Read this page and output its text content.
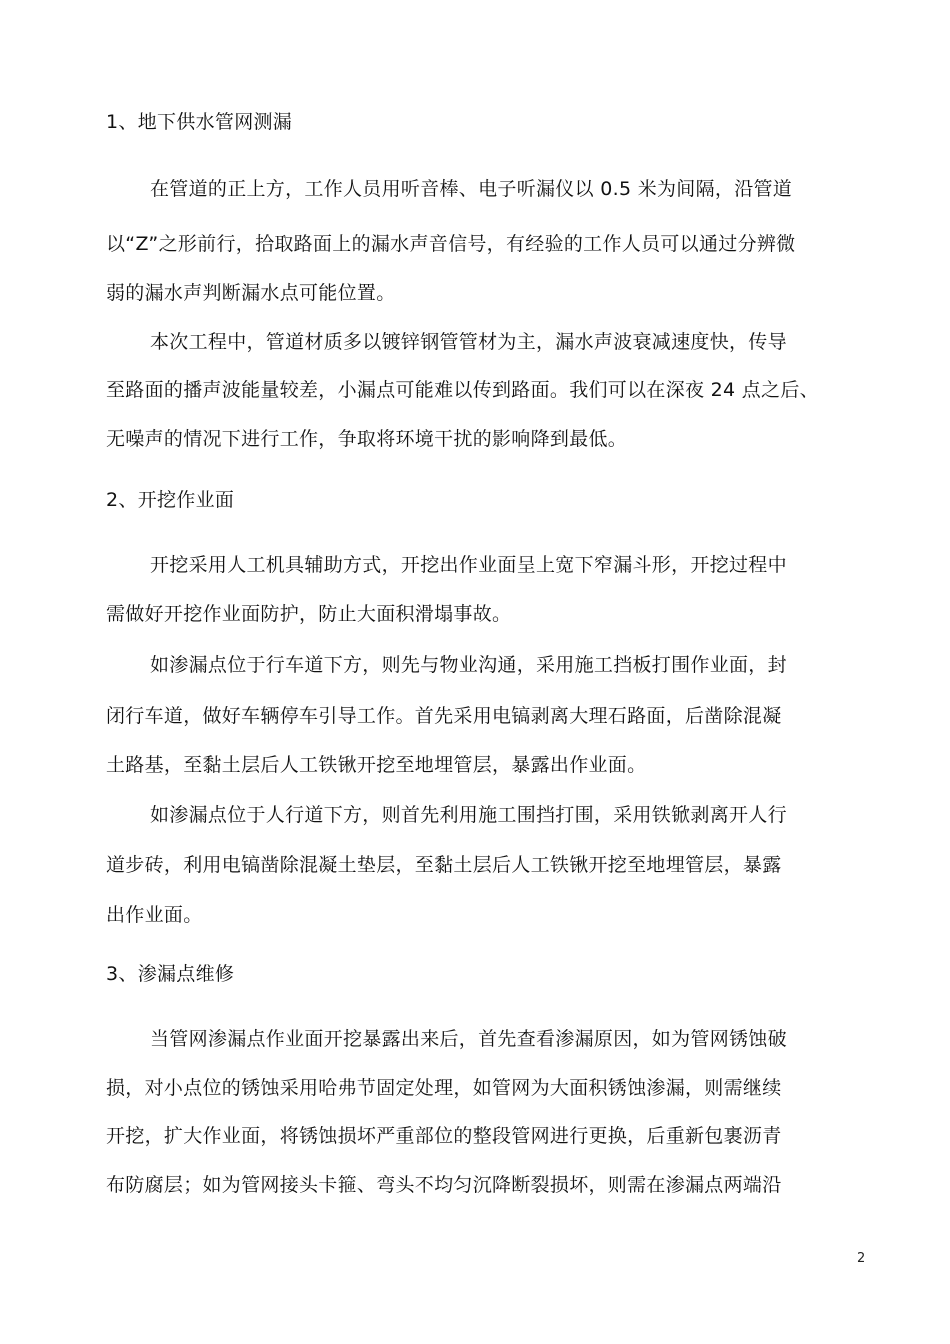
1、地下供水管网测漏
在管道的正上方，工作人员用听音棒、电子听漏仪以 0.5 米为间隔，沿管道
以“Z”之形前行，拾取路面上的漏水声音信号，有经验的工作人员可以通过分辨微
弱的漏水声判断漏水点可能位置。
本次工程中，管道材质多以镀锌钢管管材为主，漏水声波衰减速度快，传导
至路面的播声波能量较差，小漏点可能难以传到路面。我们可以在深夜 24 点之后、
无噪声的情况下进行工作，争取将环境干扰的影响降到最低。
2、开挖作业面
开挖采用人工机具辅助方式，开挖出作业面呈上宽下窄漏斗形，开挖过程中
需做好开挖作业面防护，防止大面积滑塌事故。
如渗漏点位于行车道下方，则先与物业沟通，采用施工挡板打围作业面，封
闭行车道，做好车辆停车引导工作。首先采用电镐剥离大理石路面，后凿除混凝
土路基，至黏土层后人工铁锹开挖至地埋管层，暴露出作业面。
如渗漏点位于人行道下方，则首先利用施工围挡打围，采用铁锨剥离开人行
道步砖，利用电镐凿除混凝土垫层，至黏土层后人工铁锹开挖至地埋管层，暴露
出作业面。
3、渗漏点维修
当管网渗漏点作业面开挖暴露出来后，首先查看渗漏原因，如为管网锈蚀破
损，对小点位的锈蚀采用哈弗节固定处理，如管网为大面积锈蚀渗漏，则需继续
开挖，扩大作业面，将锈蚀损坏严重部位的整段管网进行更换，后重新包裹沥青
布防腐层；如为管网接头卡箍、弯头不均匀沉降断裂损坏，则需在渗漏点两端沿
2
